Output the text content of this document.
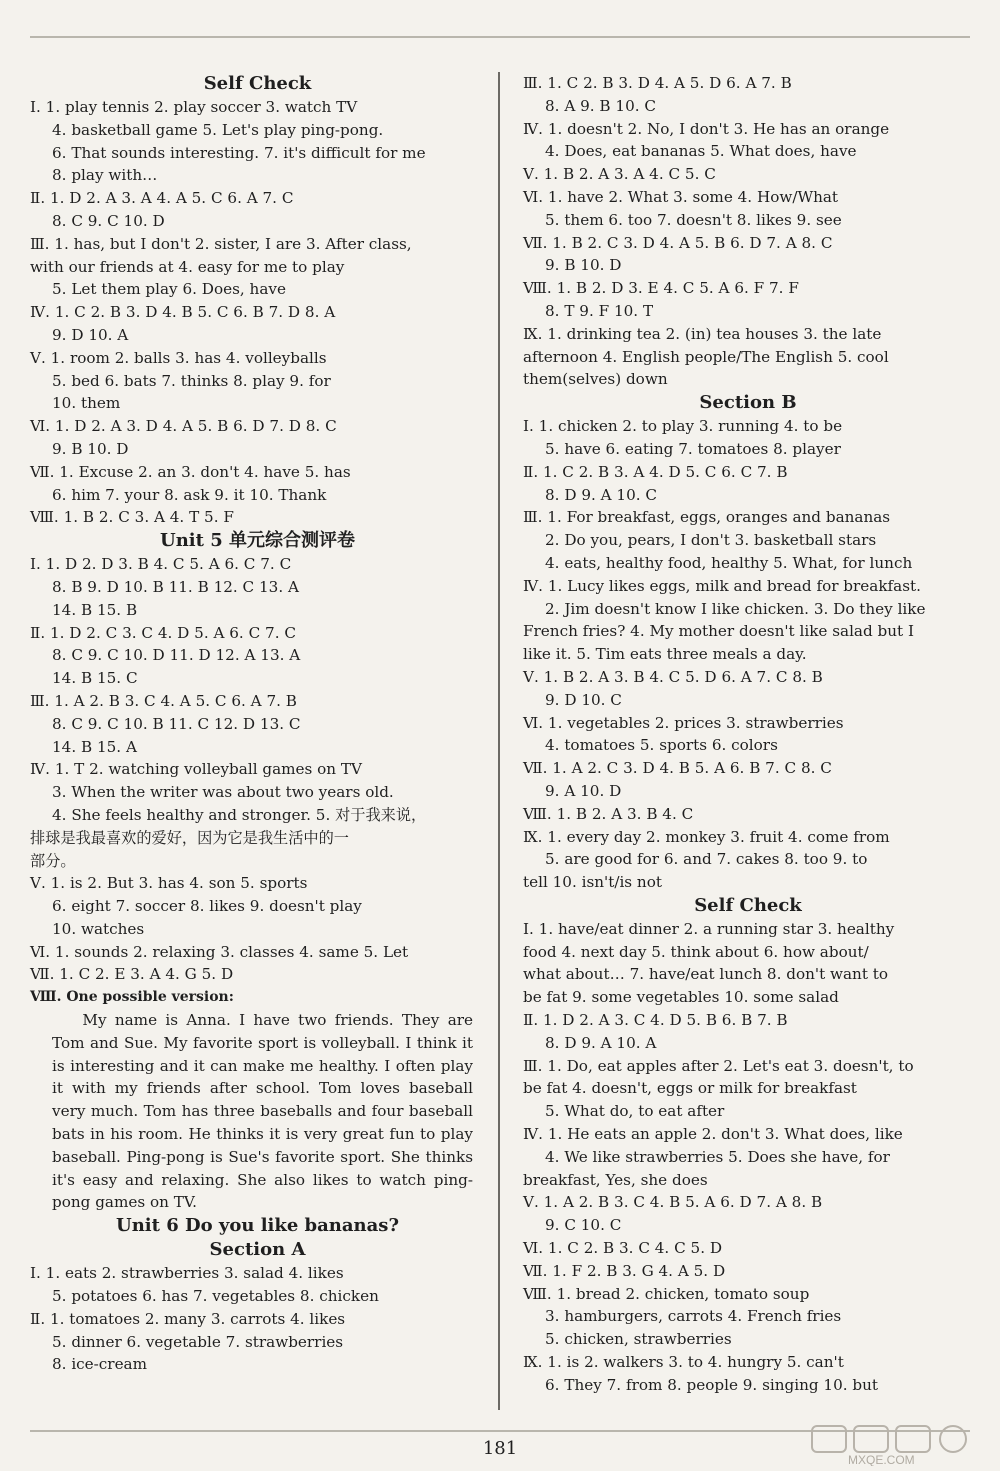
Self Check
Ⅰ. 1. play tennis 2. play soccer 3. watch TV
4. basketball game 5. Let's play ping-pong.
6. That sounds interesting. 7. it's difficult for me
8. play with…
Ⅱ. 1. D 2. A 3. A 4. A 5. C 6. A 7. C
8. C 9. C 10. D
Ⅲ. 1. has, but I don't 2. sister, I are 3. After class,
with our friends at 4. easy for me to play
5. Let them play 6. Does, have
Ⅳ. 1. C 2. B 3. D 4. B 5. C 6. B 7. D 8. A
9. D 10. A
Ⅴ. 1. room 2. balls 3. has 4. volleyballs
5. bed 6. bats 7. thinks 8. play 9. for
10. them
Ⅵ. 1. D 2. A 3. D 4. A 5. B 6. D 7. D 8. C
9. B 10. D
Ⅶ. 1. Excuse 2. an 3. don't 4. have 5. has
6. him 7. your 8. ask 9. it 10. Thank
Ⅷ. 1. B 2. C 3. A 4. T 5. F
Unit 5 单元综合测评卷
Ⅰ. 1. D 2. D 3. B 4. C 5. A 6. C 7. C
8. B 9. D 10. B 11. B 12. C 13. A
14. B 15. B
Ⅱ. 1. D 2. C 3. C 4. D 5. A 6. C 7. C
8. C 9. C 10. D 11. D 12. A 13. A
14. B 15. C
Ⅲ. 1. A 2. B 3. C 4. A 5. C 6. A 7. B
8. C 9. C 10. B 11. C 12. D 13. C
14. B 15. A
Ⅳ. 1. T 2. watching volleyball games on TV
3. When the writer was about two years old.
4. She feels healthy and stronger. 5. 对于我来说，
排球是我最喜欢的爱好，因为它是我生活中的一
部分。
Ⅴ. 1. is 2. But 3. has 4. son 5. sports
6. eight 7. soccer 8. likes 9. doesn't play
10. watches
Ⅵ. 1. sounds 2. relaxing 3. classes 4. same 5. Let
Ⅶ. 1. C 2. E 3. A 4. G 5. D
Ⅷ. One possible version:

My name is Anna. I have two friends. They are Tom and Sue. My favorite sport is volleyball. I think it is interesting and it can make me healthy. I often play it with my friends after school. Tom loves baseball very much. Tom has three baseballs and four baseball bats in his room. He thinks it is very great fun to play baseball. Ping-pong is Sue's favorite sport. She thinks it's easy and relaxing. She also likes to watch ping-pong games on TV.

Unit 6 Do you like bananas?
Section A
Ⅰ. 1. eats 2. strawberries 3. salad 4. likes
5. potatoes 6. has 7. vegetables 8. chicken
Ⅱ. 1. tomatoes 2. many 3. carrots 4. likes
5. dinner 6. vegetable 7. strawberries
8. ice-cream
Ⅲ. 1. C 2. B 3. D 4. A 5. D 6. A 7. B
8. A 9. B 10. C
Ⅳ. 1. doesn't 2. No, I don't 3. He has an orange
4. Does, eat bananas 5. What does, have
Ⅴ. 1. B 2. A 3. A 4. C 5. C
Ⅵ. 1. have 2. What 3. some 4. How/What
5. them 6. too 7. doesn't 8. likes 9. see
Ⅶ. 1. B 2. C 3. D 4. A 5. B 6. D 7. A 8. C
9. B 10. D
Ⅷ. 1. B 2. D 3. E 4. C 5. A 6. F 7. F
8. T 9. F 10. T
Ⅸ. 1. drinking tea 2. (in) tea houses 3. the late
afternoon 4. English people/The English 5. cool
them(selves) down
Section B
Ⅰ. 1. chicken 2. to play 3. running 4. to be
5. have 6. eating 7. tomatoes 8. player
Ⅱ. 1. C 2. B 3. A 4. D 5. C 6. C 7. B
8. D 9. A 10. C
Ⅲ. 1. For breakfast, eggs, oranges and bananas
2. Do you, pears, I don't 3. basketball stars
4. eats, healthy food, healthy 5. What, for lunch
Ⅳ. 1. Lucy likes eggs, milk and bread for breakfast.
2. Jim doesn't know I like chicken. 3. Do they like
French fries? 4. My mother doesn't like salad but I
like it. 5. Tim eats three meals a day.
Ⅴ. 1. B 2. A 3. B 4. C 5. D 6. A 7. C 8. B
9. D 10. C
Ⅵ. 1. vegetables 2. prices 3. strawberries
4. tomatoes 5. sports 6. colors
Ⅶ. 1. A 2. C 3. D 4. B 5. A 6. B 7. C 8. C
9. A 10. D
Ⅷ. 1. B 2. A 3. B 4. C
Ⅸ. 1. every day 2. monkey 3. fruit 4. come from
5. are good for 6. and 7. cakes 8. too 9. to
tell 10. isn't/is not
Self Check
Ⅰ. 1. have/eat dinner 2. a running star 3. healthy
food 4. next day 5. think about 6. how about/
what about… 7. have/eat lunch 8. don't want to
be fat 9. some vegetables 10. some salad
Ⅱ. 1. D 2. A 3. C 4. D 5. B 6. B 7. B
8. D 9. A 10. A
Ⅲ. 1. Do, eat apples after 2. Let's eat 3. doesn't, to
be fat 4. doesn't, eggs or milk for breakfast
5. What do, to eat after
Ⅳ. 1. He eats an apple 2. don't 3. What does, like
4. We like strawberries 5. Does she have, for
breakfast, Yes, she does
Ⅴ. 1. A 2. B 3. C 4. B 5. A 6. D 7. A 8. B
9. C 10. C
Ⅵ. 1. C 2. B 3. C 4. C 5. D
Ⅶ. 1. F 2. B 3. G 4. A 5. D
Ⅷ. 1. bread 2. chicken, tomato soup
3. hamburgers, carrots 4. French fries
5. chicken, strawberries
Ⅸ. 1. is 2. walkers 3. to 4. hungry 5. can't
6. They 7. from 8. people 9. singing 10. but
181
MXQE.COM
